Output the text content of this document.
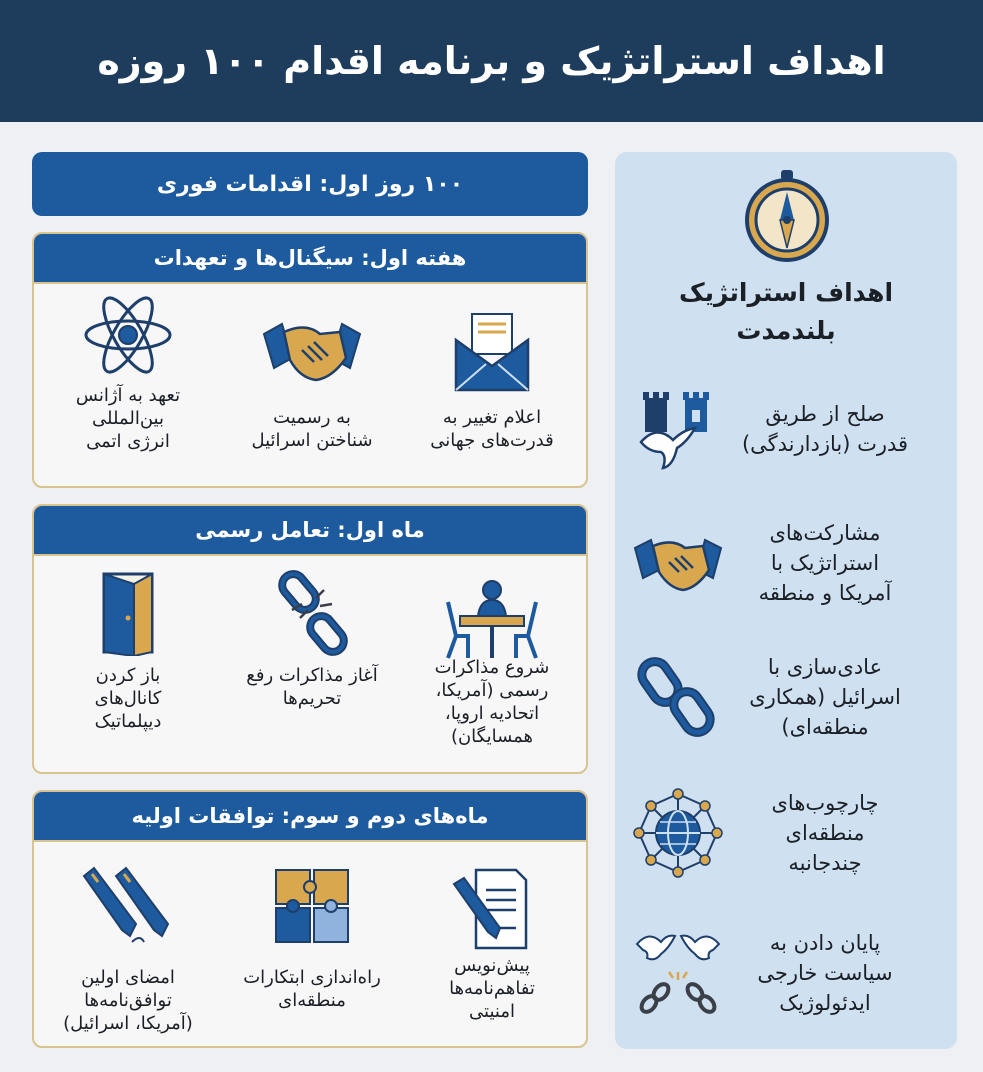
اهداف استراتژیک و برنامه اقدام ۱۰۰ روزه
اهداف استراتژیک
بلندمدت
صلح از طریق
قدرت (بازدارندگی)
مشارکت‌های
استراتژیک با
آمریکا و منطقه
عادی‌سازی با
اسرائیل (همکاری
منطقه‌ای)
چارچوب‌های
منطقه‌ای
چندجانبه
پایان دادن به
سیاست خارجی
ایدئولوژیک
۱۰۰ روز اول: اقدامات فوری
هفته اول: سیگنال‌ها و تعهدات
اعلام تغییر به
قدرت‌های جهانی
به رسمیت
شناختن اسرائیل
تعهد به آژانس
بین‌المللی
انرژی اتمی
ماه اول: تعامل رسمی
شروع مذاکرات
رسمی (آمریکا،
اتحادیه اروپا،
همسایگان)
آغاز مذاکرات رفع
تحریم‌ها
باز کردن
کانال‌های
دیپلماتیک
ماه‌های دوم و سوم: توافقات اولیه
پیش‌نویس
تفاهم‌نامه‌ها
امنیتی
راه‌اندازی ابتکارات
منطقه‌ای
امضای اولین
توافق‌نامه‌ها
(آمریکا، اسرائیل)
